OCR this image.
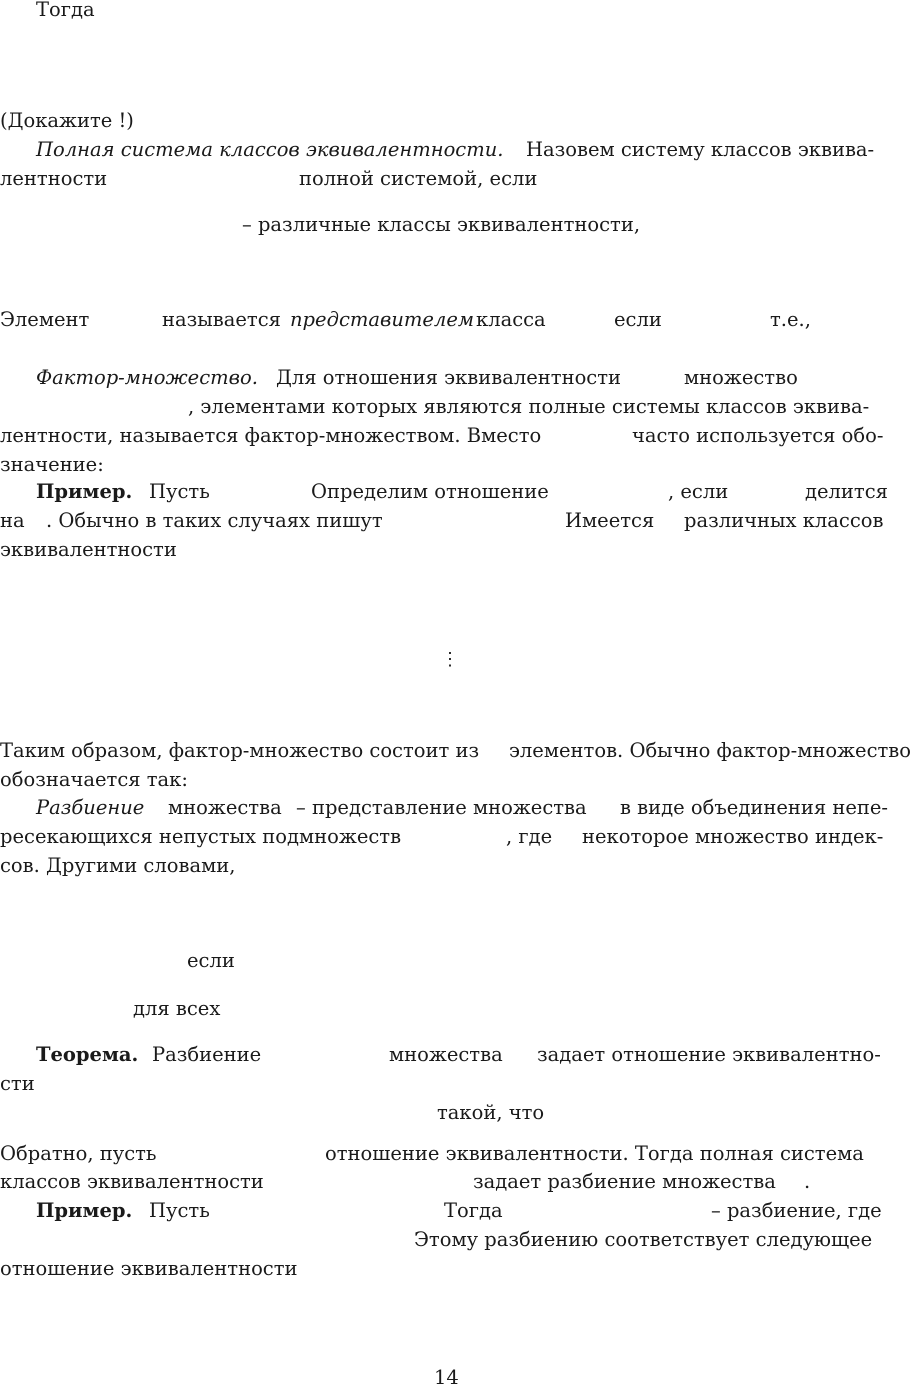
Тогда
(Докажите !)
Полная система классов эквивалентности. Назовем систему классов эквива-
лентности	полной системой, если
– различные классы эквивалентности,
Элемент	называется представителем класса	если	т.е.,
Фактор-множество. Для отношения эквивалентности	множество
, элементами которых являются полные системы классов эквива-
лентности, называется фактор-множеством. Вместо	часто используется обо-
значение:
Пример. Пусть	Определим отношение	, если	делится
на . Обычно в таких случаях пишут	Имеется различных классов
эквивалентности
⋮
Таким образом, фактор-множество состоит из элементов. Обычно фактор-множество
обозначается так:
Разбиение множества – представление множества в виде объединения непе-
ресекающихся непустых подмножеств	, где некоторое множество индек-
сов. Другими словами,
если
для всех
Теорема. Разбиение	множества задает отношение эквивалентно-
сти
такой, что
Обратно, пусть	отношение эквивалентности. Тогда полная система
классов эквивалентности	задает разбиение множества .
Пример. Пусть	Тогда	– разбиение, где
Этому разбиению соответствует следующее
отношение эквивалентности
14
